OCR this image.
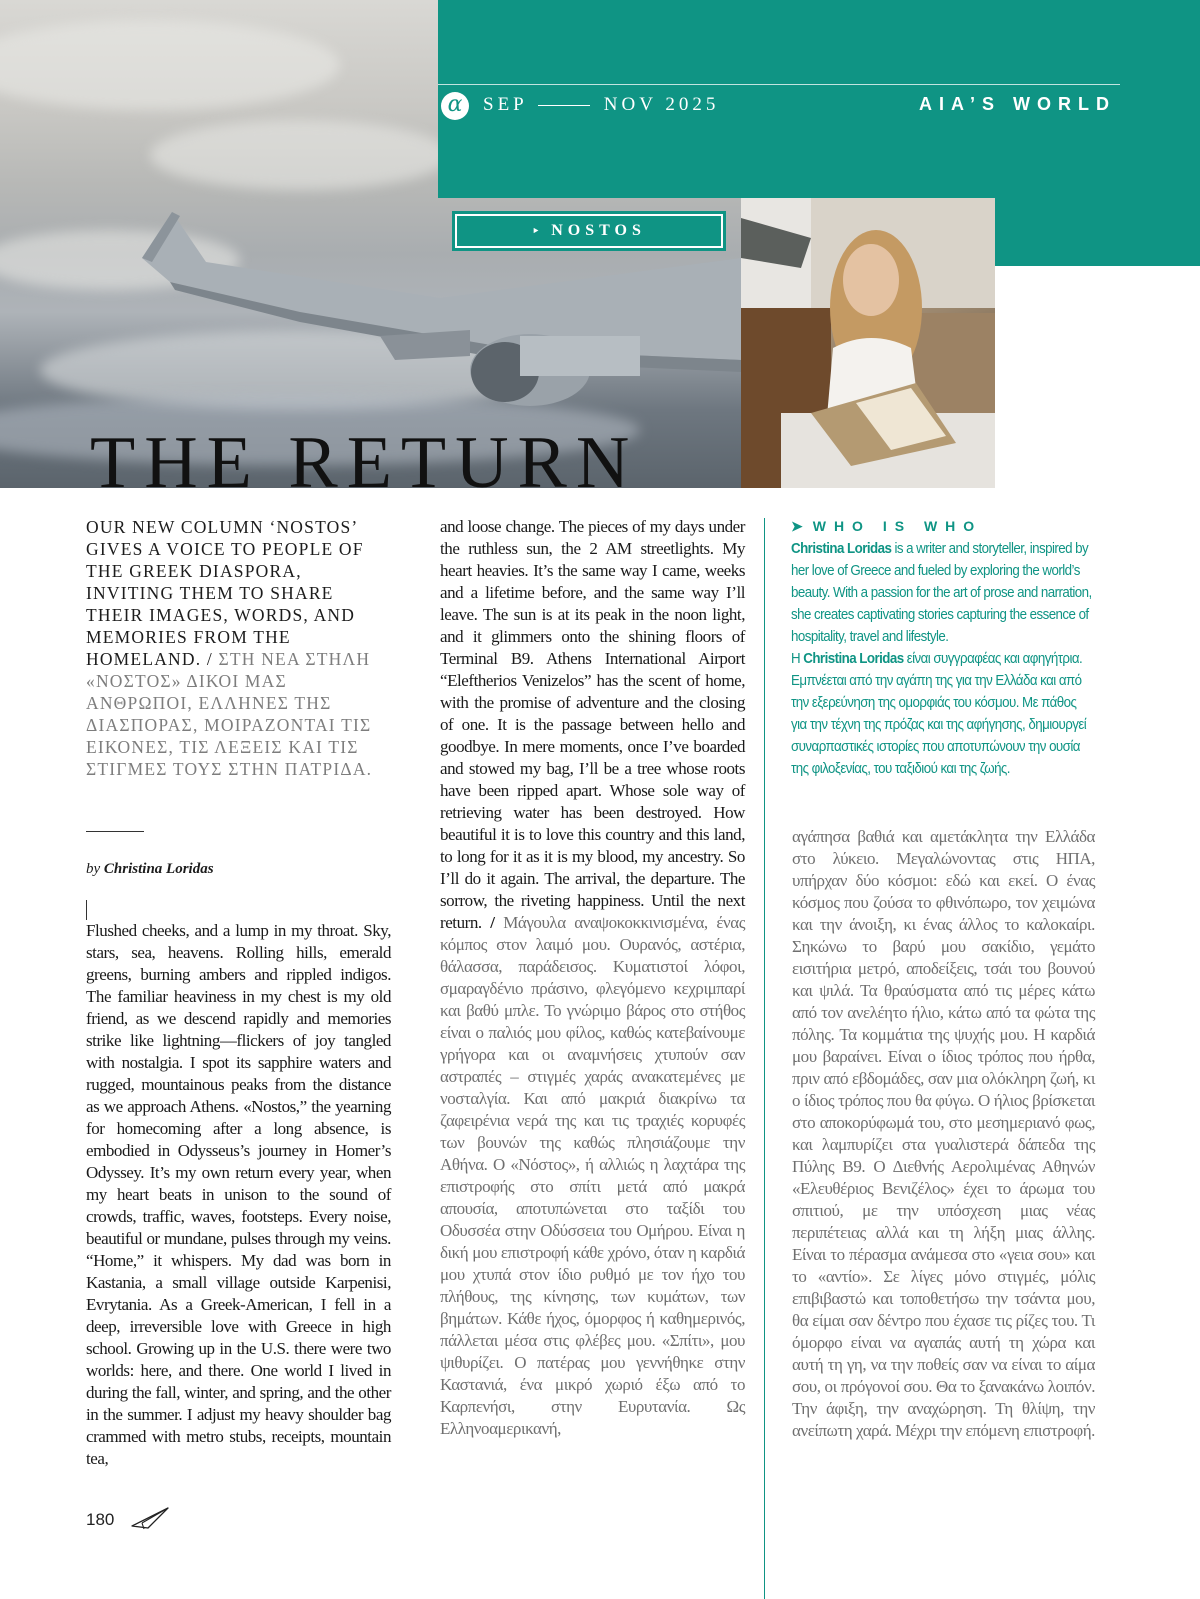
α	SEP	NOV 2025	AIA’S WORLD
‣ NOSTOS
THE RETURN

OUR NEW COLUMN ‘NOSTOS’ GIVES A VOICE TO PEOPLE OF THE GREEK DIASPORA, INVITING THEM TO SHARE THEIR IMAGES, WORDS, AND MEMORIES FROM THE HOMELAND. / ΣΤΗ ΝΕΑ ΣΤΗΛΗ «ΝΟΣΤΟΣ» ΔΙΚΟΙ ΜΑΣ ΑΝΘΡΩΠΟΙ, ΕΛΛΗΝΕΣ ΤΗΣ ΔΙΑΣΠΟΡΑΣ, ΜΟΙΡΑΖΟΝΤΑΙ ΤΙΣ ΕΙΚΟΝΕΣ, ΤΙΣ ΛΕΞΕΙΣ ΚΑΙ ΤΙΣ ΣΤΙΓΜΕΣ ΤΟΥΣ ΣΤΗΝ ΠΑΤΡΙΔΑ.

by Christina Loridas

Flushed cheeks, and a lump in my throat. Sky, stars, sea, heavens. Rolling hills, emerald greens, burning ambers and rippled indigos. The familiar heaviness in my chest is my old friend, as we descend rapidly and memories strike like lightning—flickers of joy tangled with nostalgia. I spot its sapphire waters and rugged, mountainous peaks from the distance as we approach Athens. «Nostos,” the yearning for homecoming after a long absence, is embodied in Odysseus’s journey in Homer’s Odyssey. It’s my own return every year, when my heart beats in unison to the sound of crowds, traffic, waves, footsteps. Every noise, beautiful or mundane, pulses through my veins. “Home,” it whispers. My dad was born in Kastania, a small village outside Karpenisi, Evrytania. As a Greek-American, I fell in a deep, irreversible love with Greece in high school. Growing up in the U.S. there were two worlds: here, and there. One world I lived in during the fall, winter, and spring, and the other in the summer. I adjust my heavy shoulder bag crammed with metro stubs, receipts, mountain tea,

and loose change. The pieces of my days under the ruthless sun, the 2 AM streetlights. My heart heavies. It’s the same way I came, weeks and a lifetime before, and the same way I’ll leave. The sun is at its peak in the noon light, and it glimmers onto the shining floors of Terminal B9. Athens International Airport “Eleftherios Venizelos” has the scent of home, with the promise of adventure and the closing of one. It is the passage between hello and goodbye. In mere moments, once I’ve boarded and stowed my bag, I’ll be a tree whose roots have been ripped apart. Whose sole way of retrieving water has been destroyed. How beautiful it is to love this country and this land, to long for it as it is my blood, my ancestry. So I’ll do it again. The arrival, the departure. The sorrow, the riveting happiness. Until the next return. / Μάγουλα αναψοκοκκινισμένα, ένας κόμπος στον λαιμό μου. Ουρανός, αστέρια, θάλασσα, παράδεισος. Κυματιστοί λόφοι, σμαραγδένιο πράσινο, φλεγόμενο κεχριμπαρί και βαθύ μπλε. Το γνώριμο βάρος στο στήθος είναι ο παλιός μου φίλος, καθώς κατεβαίνουμε γρήγορα και οι αναμνήσεις χτυπούν σαν αστραπές – στιγμές χαράς ανακατεμένες με νοσταλγία. Και από μακριά διακρίνω τα ζαφειρένια νερά της και τις τραχιές κορυφές των βουνών της καθώς πλησιάζουμε την Αθήνα. Ο «Νόστος», ή αλλιώς η λαχτάρα της επιστροφής στο σπίτι μετά από μακρά απουσία, αποτυπώνεται στο ταξίδι του Οδυσσέα στην Οδύσσεια του Ομήρου. Είναι η δική μου επιστροφή κάθε χρόνο, όταν η καρδιά μου χτυπά στον ίδιο ρυθμό με τον ήχο του πλήθους, της κίνησης, των κυμάτων, των βημάτων. Κάθε ήχος, όμορφος ή καθημερινός, πάλλεται μέσα στις φλέβες μου. «Σπίτι», μου ψιθυρίζει. Ο πατέρας μου γεννήθηκε στην Καστανιά, ένα μικρό χωριό έξω από το Καρπενήσι, στην Ευρυτανία. Ως Ελληνοαμερικανή,

➤ WHO IS WHO

Christina Loridas is a writer and storyteller, inspired by her love of Greece and fueled by exploring the world’s beauty. With a passion for the art of prose and narration, she creates captivating stories capturing the essence of hospitality, travel and lifestyle.

Η Christina Loridas είναι συγγραφέας και αφηγήτρια. Εμπνέεται από την αγάπη της για την Ελλάδα και από την εξερεύνηση της ομορφιάς του κόσμου. Με πάθος για την τέχνη της πρόζας και της αφήγησης, δημιουργεί συναρπαστικές ιστορίες που αποτυπώνουν την ουσία της φιλοξενίας, του ταξιδιού και της ζωής.

αγάπησα βαθιά και αμετάκλητα την Ελλάδα στο λύκειο. Μεγαλώνοντας στις ΗΠΑ, υπήρχαν δύο κόσμοι: εδώ και εκεί. Ο ένας κόσμος που ζούσα το φθινόπωρο, τον χειμώνα και την άνοιξη, κι ένας άλλος το καλοκαίρι. Σηκώνω το βαρύ μου σακίδιο, γεμάτο εισιτήρια μετρό, αποδείξεις, τσάι του βουνού και ψιλά. Τα θραύσματα από τις μέρες κάτω από τον ανελέητο ήλιο, κάτω από τα φώτα της πόλης. Τα κομμάτια της ψυχής μου. Η καρδιά μου βαραίνει. Είναι ο ίδιος τρόπος που ήρθα, πριν από εβδομάδες, σαν μια ολόκληρη ζωή, κι ο ίδιος τρόπος που θα φύγω. Ο ήλιος βρίσκεται στο αποκορύφωμά του, στο μεσημεριανό φως, και λαμπυρίζει στα γυαλιστερά δάπεδα της Πύλης Β9. Ο Διεθνής Αερολιμένας Αθηνών «Ελευθέριος Βενιζέλος» έχει το άρωμα του σπιτιού, με την υπόσχεση μιας νέας περιπέτειας αλλά και τη λήξη μιας άλλης. Είναι το πέρασμα ανάμεσα στο «γεια σου» και το «αντίο». Σε λίγες μόνο στιγμές, μόλις επιβιβαστώ και τοποθετήσω την τσάντα μου, θα είμαι σαν δέντρο που έχασε τις ρίζες του. Τι όμορφο είναι να αγαπάς αυτή τη χώρα και αυτή τη γη, να την ποθείς σαν να είναι το αίμα σου, οι πρόγονοί σου. Θα το ξανακάνω λοιπόν. Την άφιξη, την αναχώρηση. Τη θλίψη, την ανείπωτη χαρά. Μέχρι την επόμενη επιστροφή.

180
